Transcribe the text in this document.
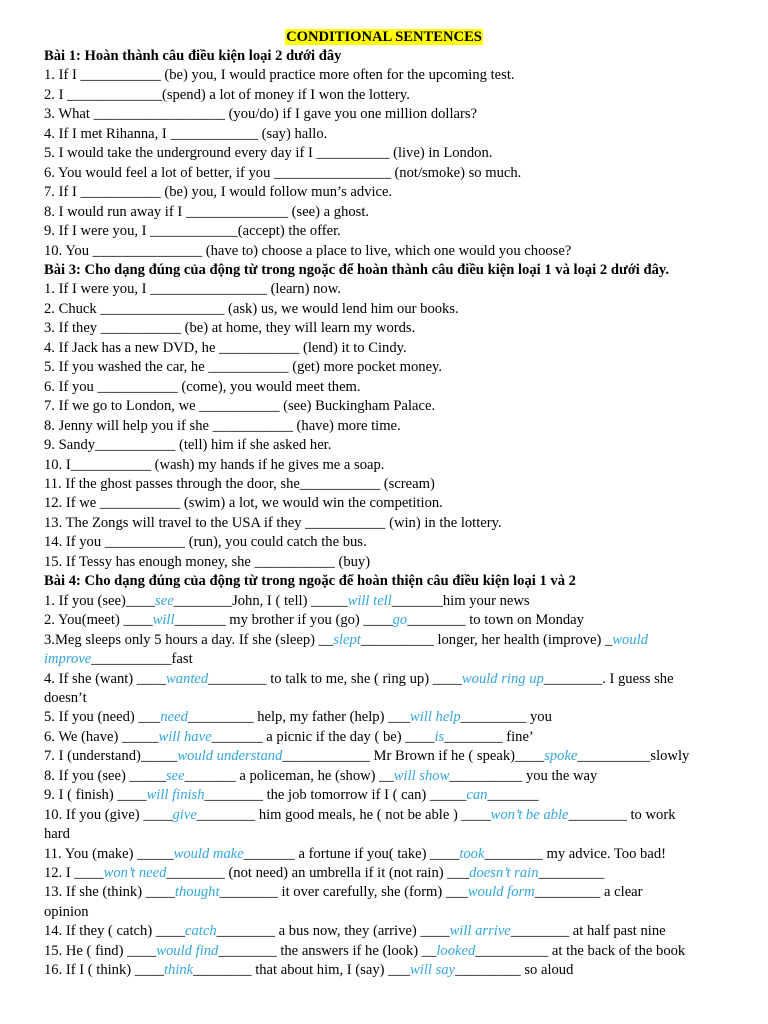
CONDITIONAL SENTENCES
Bài 1: Hoàn thành câu điều kiện loại 2 dưới đây
1. If I ___________ (be) you, I would practice more often for the upcoming test.
2. I _____________(spend) a lot of money if I won the lottery.
3. What __________________ (you/do) if I gave you one million dollars?
4. If I met Rihanna, I ____________ (say) hallo.
5. I would take the underground every day if I __________ (live) in London.
6. You would feel a lot of better, if you ________________ (not/smoke) so much.
7. If I ___________ (be) you, I would follow mun’s advice.
8. I would run away if I ______________ (see) a ghost.
9. If I were you, I ____________(accept) the offer.
10. You _______________ (have to) choose a place to live, which one would you choose?
Bài 3: Cho dạng đúng của động từ trong ngoặc để hoàn thành câu điều kiện loại 1 và loại 2 dưới đây.
1. If I were you, I ________________ (learn) now.
2. Chuck _________________ (ask) us, we would lend him our books.
3. If they ___________ (be) at home, they will learn my words.
4. If Jack has a new DVD, he ___________ (lend) it to Cindy.
5. If you washed the car, he ___________ (get) more pocket money.
6. If you ___________ (come), you would meet them.
7. If we go to London, we ___________ (see) Buckingham Palace.
8. Jenny will help you if she ___________ (have) more time.
9. Sandy___________ (tell) him if she asked her.
10. I___________ (wash) my hands if he gives me a soap.
11. If the ghost passes through the door, she___________ (scream)
12. If we ___________ (swim) a lot, we would win the competition.
13. The Zongs will travel to the USA if they ___________ (win) in the lottery.
14. If you ___________ (run), you could catch the bus.
15. If Tessy has enough money, she ___________ (buy)
Bài 4: Cho dạng đúng của động từ trong ngoặc để hoàn thiện câu điều kiện loại 1 và 2
1. If you (see)____see________John, I ( tell) _____will tell_______him your news
2. You(meet) ____will_______ my brother if you (go) ____go________ to town on Monday
3.Meg sleeps only 5 hours a day. If she (sleep) __slept__________ longer, her health (improve) _would
improve___________fast
4. If she (want) ____wanted________ to talk to me, she ( ring up) ____would ring up________. I guess she
doesn’t
5. If you (need) ___need_________ help, my father (help) ___will help_________ you
6. We (have) _____will have_______ a picnic if the day ( be) ____is________ fine’
7. I (understand)_____would understand____________ Mr Brown if he ( speak)____spoke__________slowly
8. If you (see) _____see_______ a policeman, he (show) __will show__________ you the way
9. I ( finish) ____will finish________ the job tomorrow if I ( can) _____can_______
10. If you (give) ____give________ him good meals, he ( not be able ) ____won’t be able________ to work
hard
11. You (make) _____would make_______ a fortune if you( take) ____took________ my advice. Too bad!
12. I ____won’t need________ (not need) an umbrella if it (not rain) ___doesn’t rain_________
13. If she (think) ____thought________ it over carefully, she (form) ___would form_________ a clear
opinion
14. If they ( catch) ____catch________ a bus now, they (arrive) ____will arrive________ at half past nine
15. He ( find) ____would find________ the answers if he (look) __looked__________ at the back of the book
16. If I ( think) ____think________ that about him, I (say) ___will say_________ so aloud
